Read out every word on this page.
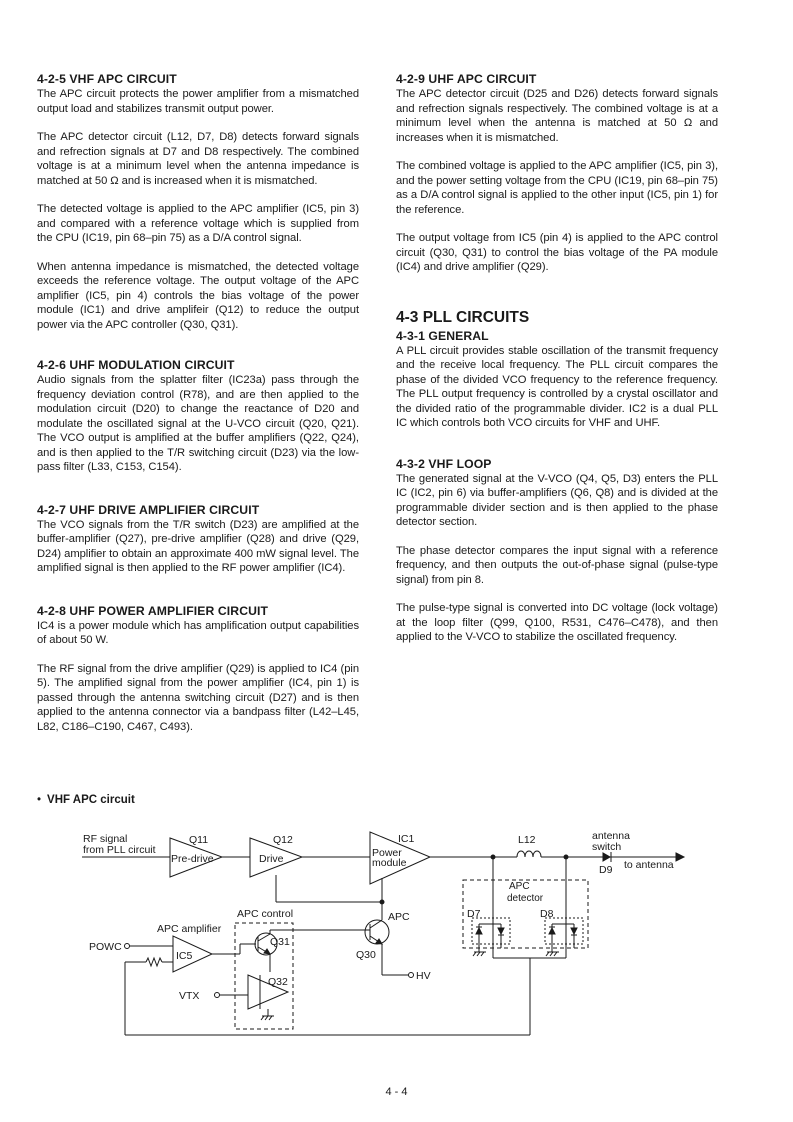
4-2-5 VHF APC CIRCUIT

The APC circuit protects the power amplifier from a mismatched output load and stabilizes transmit output power.

The APC detector circuit (L12, D7, D8) detects forward signals and refrection signals at D7 and D8 respectively. The combined voltage is at a minimum level when the antenna impedance is matched at 50 Ω and is increased when it is mismatched.

The detected voltage is applied to the APC amplifier (IC5, pin 3) and compared with a reference voltage which is supplied from the CPU (IC19, pin 68–pin 75) as a D/A control signal.

When antenna impedance is mismatched, the detected voltage exceeds the reference voltage. The output voltage of the APC amplifier (IC5, pin 4) controls the bias voltage of the power module (IC1) and drive amplifeir (Q12) to reduce the output power via the APC controller (Q30, Q31).

4-2-6 UHF MODULATION CIRCUIT

Audio signals from the splatter filter (IC23a) pass through the frequency deviation control (R78), and are then applied to the modulation circuit (D20) to change the reactance of D20 and modulate the oscillated signal at the U-VCO circuit (Q20, Q21). The VCO output is amplified at the buffer amplifiers (Q22, Q24), and is then applied to the T/R switching circuit (D23) via the low-pass filter (L33, C153, C154).

4-2-7 UHF DRIVE AMPLIFIER CIRCUIT

The VCO signals from the T/R switch (D23) are amplified at the buffer-amplifier (Q27), pre-drive amplifier (Q28) and drive (Q29, D24) amplifier to obtain an approximate 400 mW signal level. The amplified signal is then applied to the RF power amplifier (IC4).

4-2-8 UHF POWER AMPLIFIER CIRCUIT

IC4 is a power module which has amplification output capabilities of about 50 W.

The RF signal from the drive amplifier (Q29) is applied to IC4 (pin 5). The amplified signal from the power amplifier (IC4, pin 1) is passed through the antenna switching circuit (D27) and is then applied to the antenna connector via a bandpass filter (L42–L45, L82, C186–C190, C467, C493).

4-2-9 UHF APC CIRCUIT

The APC detector circuit (D25 and D26) detects forward signals and refrection signals respectively. The combined voltage is at a minimum level when the antenna is matched at 50 Ω and increases when it is mismatched.

The combined voltage is applied to the APC amplifier (IC5, pin 3), and the power setting voltage from the CPU (IC19, pin 68–pin 75) as a D/A control signal is applied to the other input (IC5, pin 1) for the reference.

The output voltage from IC5 (pin 4) is applied to the APC control circuit (Q30, Q31) to control the bias voltage of the PA module (IC4) and drive amplifier (Q29).

4-3 PLL CIRCUITS
4-3-1 GENERAL

A PLL circuit provides stable oscillation of the transmit frequency and the receive local frequency. The PLL circuit compares the phase of the divided VCO frequency to the reference frequency. The PLL output frequency is controlled by a crystal oscillator and the divided ratio of the programmable divider. IC2 is a dual PLL IC which controls both VCO circuits for VHF and UHF.

4-3-2 VHF LOOP

The generated signal at the V-VCO (Q4, Q5, D3) enters the PLL IC (IC2, pin 6) via buffer-amplifiers (Q6, Q8) and is divided at the programmable divider section and is then applied to the phase detector section.

The phase detector compares the input signal with a reference frequency, and then outputs the out-of-phase signal (pulse-type signal) from pin 8.

The pulse-type signal is converted into DC voltage (lock voltage) at the loop filter (Q99, Q100, R531, C476–C478), and then applied to the V-VCO to stabilize the oscillated frequency.

• VHF APC circuit
RF signal
from PLL circuit
Q11
Pre-drive
Q12
Drive
IC1
Power
module
L12	antenna
switch
to antenna
D9
APC
detector
D7	D8
APC control
APC amplifier
APC
Q31
Q30
POWC
IC5
Q32
VTX
HV
4 - 4
